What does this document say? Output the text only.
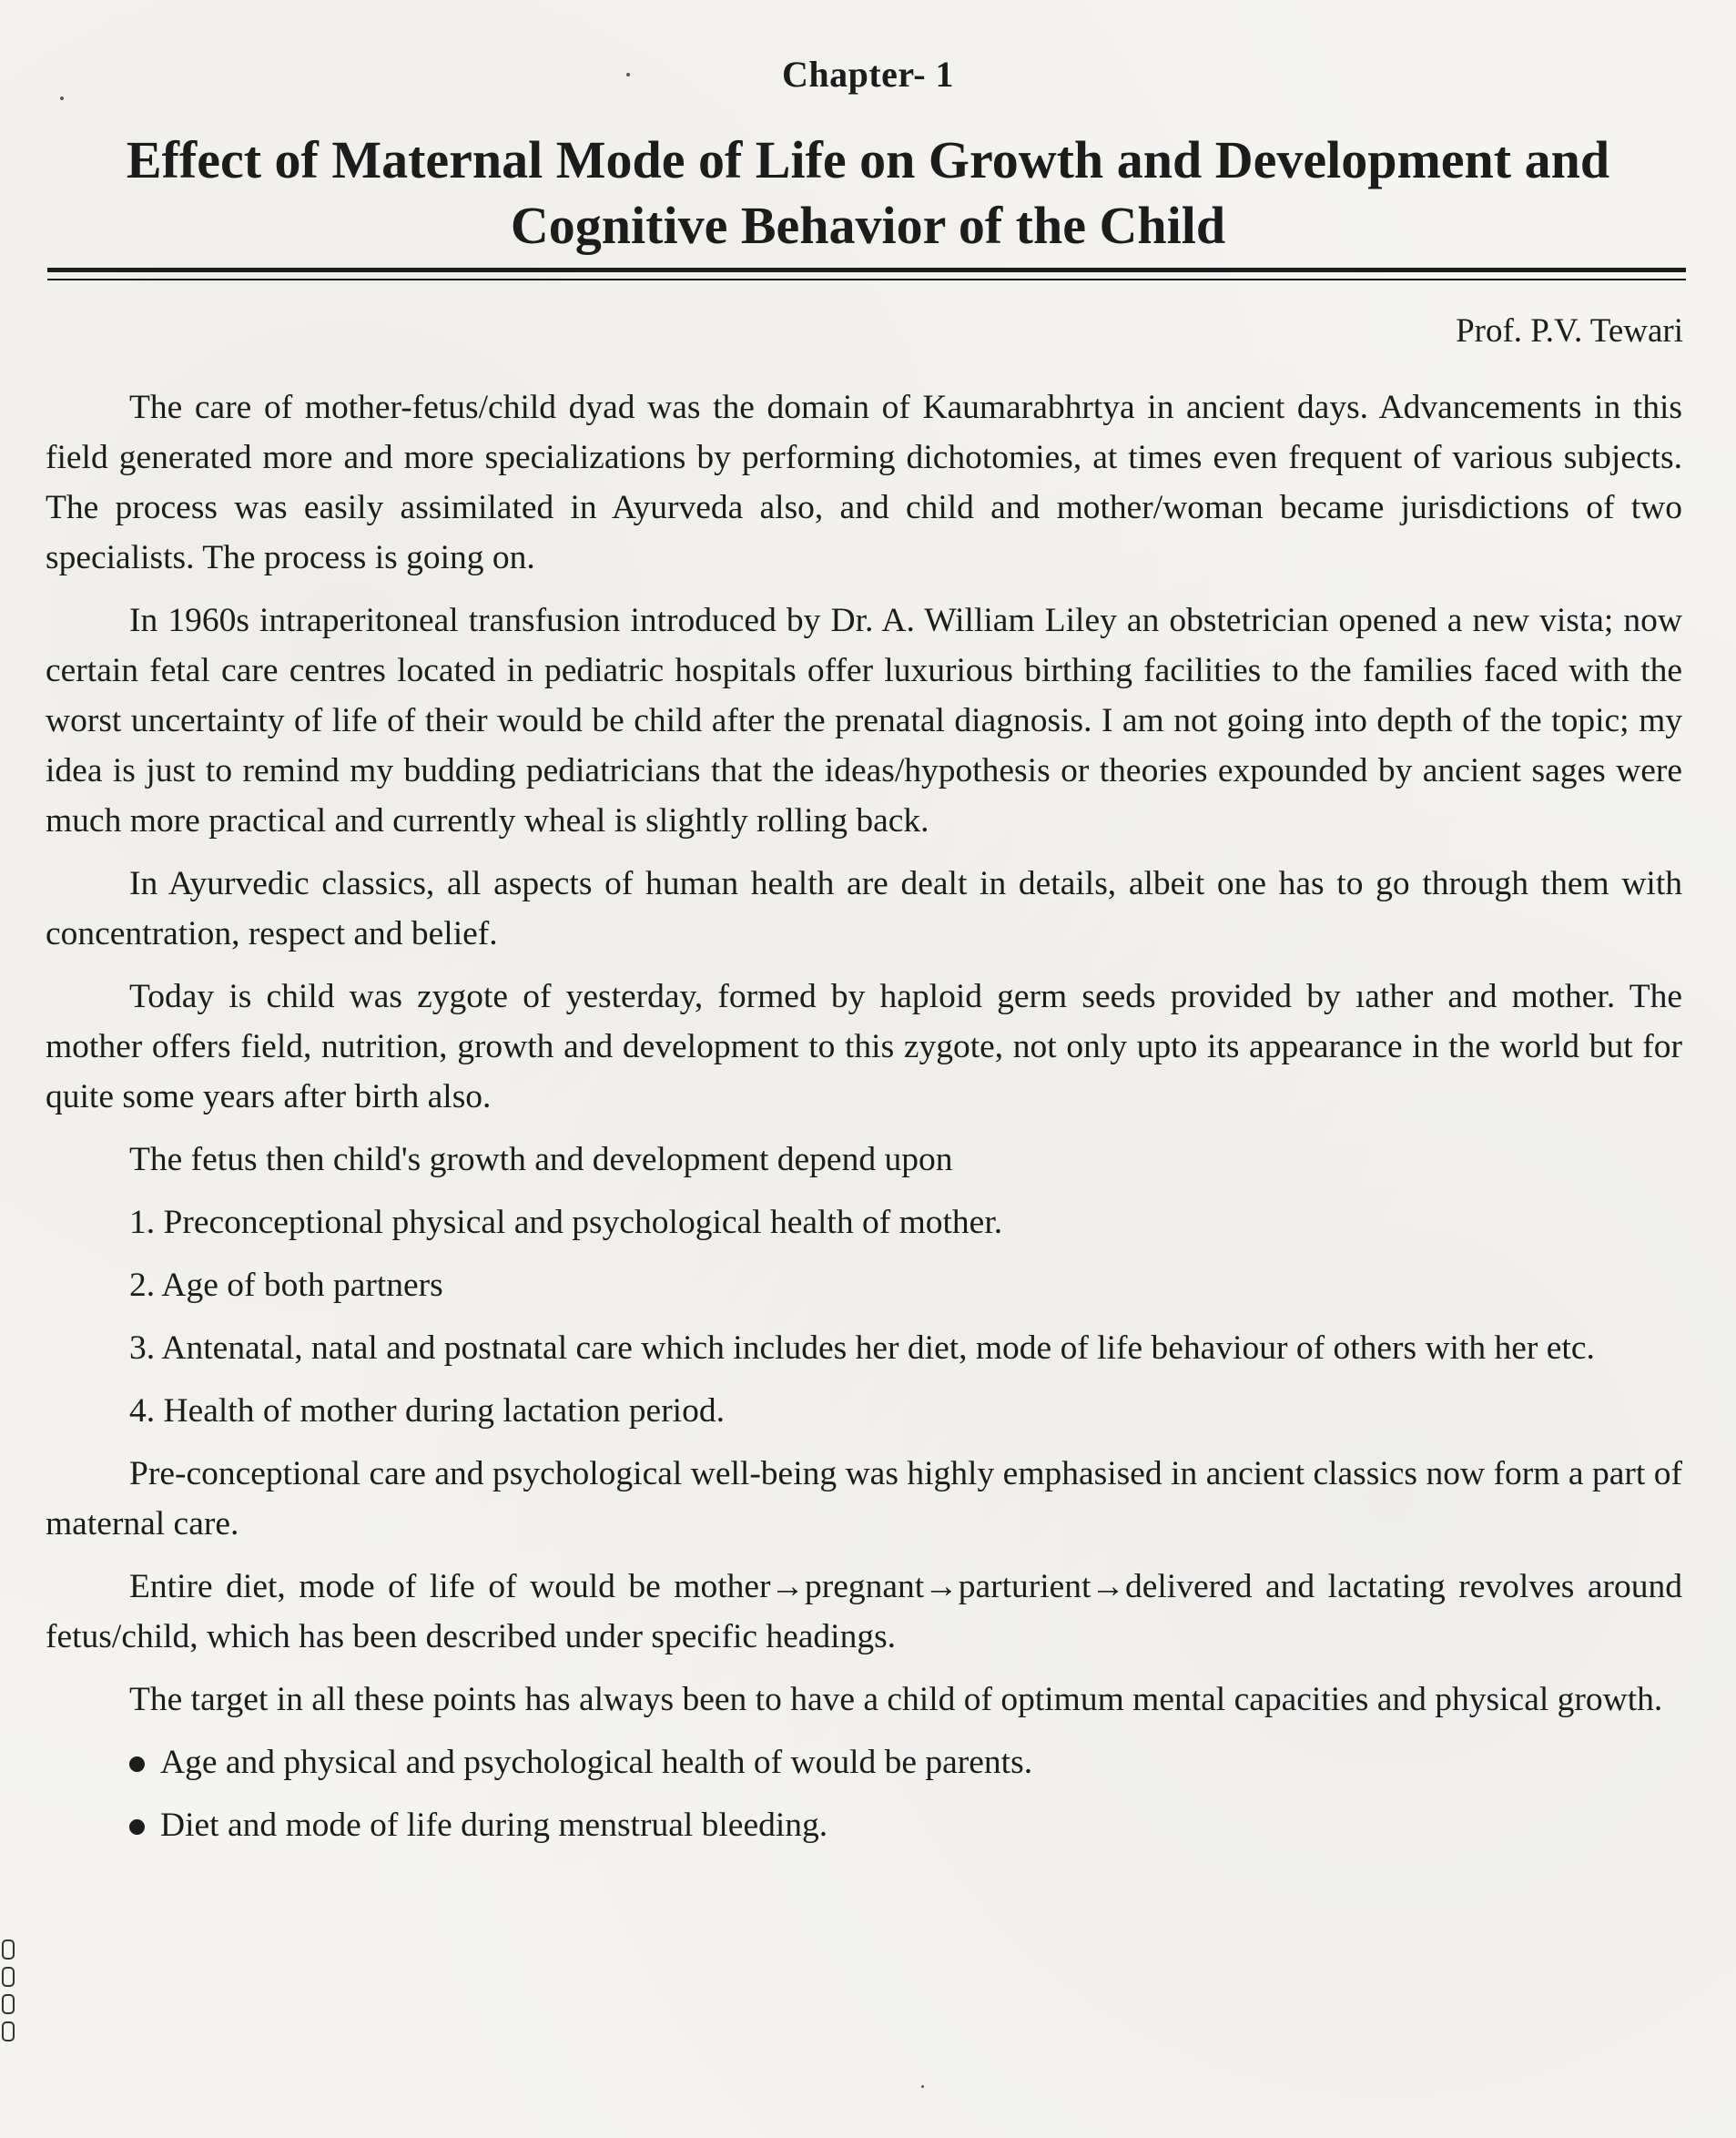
Chapter- 1
Effect of Maternal Mode of Life on Growth and Development and Cognitive Behavior of the Child
Prof. P.V. Tewari

The care of mother-fetus/child dyad was the domain of Kaumarabhrtya in ancient days. Advancements in this field generated more and more specializations by performing dichotomies, at times even frequent of various subjects. The process was easily assimilated in Ayurveda also, and child and mother/woman became jurisdictions of two specialists. The process is going on.

In 1960s intraperitoneal transfusion introduced by Dr. A. William Liley an obstetrician opened a new vista; now certain fetal care centres located in pediatric hospitals offer luxurious birthing facilities to the families faced with the worst uncertainty of life of their would be child after the prenatal diagnosis. I am not going into depth of the topic; my idea is just to remind my budding pediatricians that the ideas/hypothesis or theories expounded by ancient sages were much more practical and currently wheal is slightly rolling back.

In Ayurvedic classics, all aspects of human health are dealt in details, albeit one has to go through them with concentration, respect and belief.

Today is child was zygote of yesterday, formed by haploid germ seeds provided by ıather and mother. The mother offers field, nutrition, growth and development to this zygote, not only upto its appearance in the world but for quite some years after birth also.

The fetus then child's growth and development depend upon

1. Preconceptional physical and psychological health of mother.

2. Age of both partners

3. Antenatal, natal and postnatal care which includes her diet, mode of life behaviour of others with her etc.

4. Health of mother during lactation period.

Pre-conceptional care and psychological well-being was highly emphasised in ancient classics now form a part of maternal care.

Entire diet, mode of life of would be mother→pregnant→parturient→delivered and lactating revolves around fetus/child, which has been described under specific headings.

The target in all these points has always been to have a child of optimum mental capacities and physical growth.

Age and physical and psychological health of would be parents.
Diet and mode of life during menstrual bleeding.
